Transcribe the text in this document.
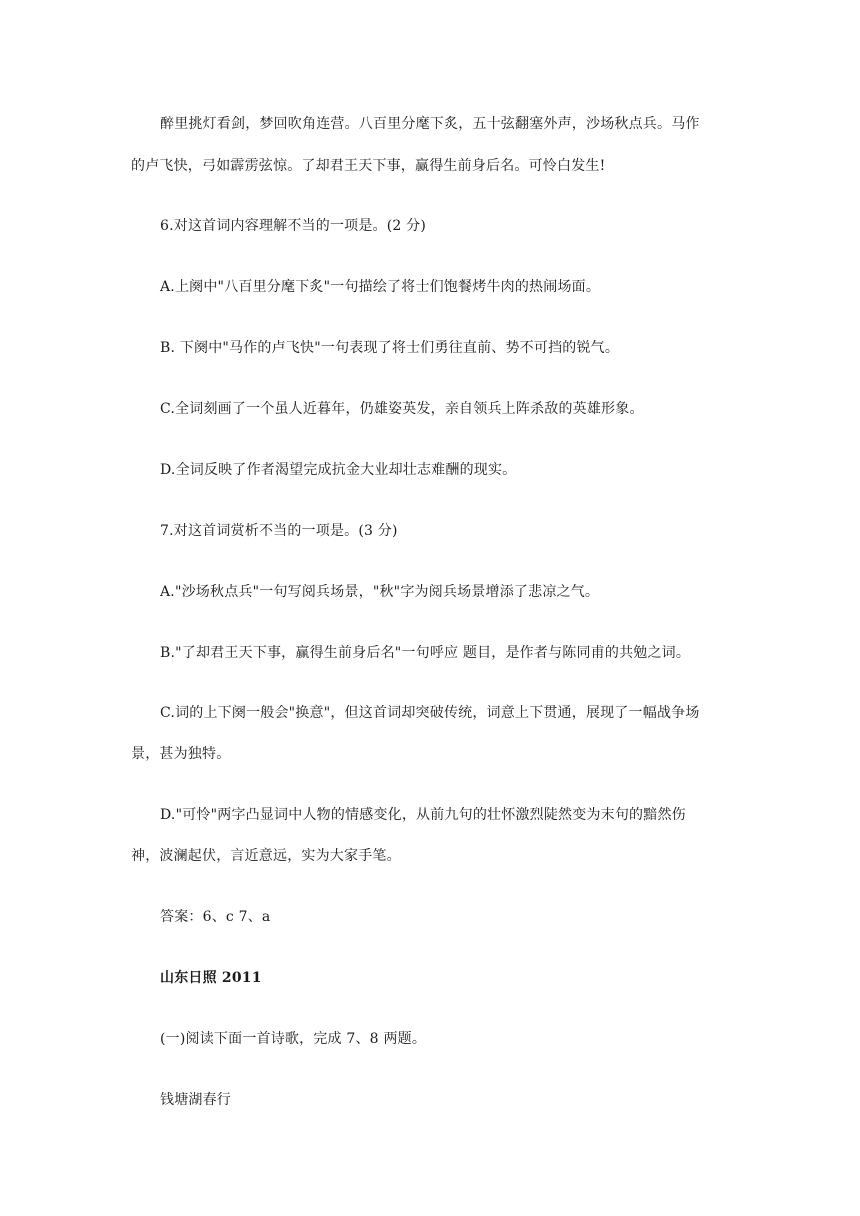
醉里挑灯看剑，梦回吹角连营。八百里分麾下炙，五十弦翻塞外声，沙场秋点兵。马作
的卢飞快，弓如霹雳弦惊。了却君王天下事，赢得生前身后名。可怜白发生!
6.对这首词内容理解不当的一项是。(2 分)
A.上阕中"八百里分麾下炙"一句描绘了将士们饱餐烤牛肉的热闹场面。
B. 下阕中"马作的卢飞快"一句表现了将士们勇往直前、势不可挡的锐气。
C.全词刻画了一个虽人近暮年，仍雄姿英发，亲自领兵上阵杀敌的英雄形象。
D.全词反映了作者渴望完成抗金大业却壮志难酬的现实。
7.对这首词赏析不当的一项是。(3 分)
A."沙场秋点兵"一句写阅兵场景，"秋"字为阅兵场景增添了悲凉之气。
B."了却君王天下事，赢得生前身后名"一句呼应 题目，是作者与陈同甫的共勉之词。
C.词的上下阕一般会"换意"，但这首词却突破传统，词意上下贯通，展现了一幅战争场
景，甚为独特。
D."可怜"两字凸显词中人物的情感变化，从前九句的壮怀激烈陡然变为末句的黯然伤
神，波澜起伏，言近意远，实为大家手笔。
答案：6、c 7、a
山东日照 2011
(一)阅读下面一首诗歌，完成 7、8 两题。
钱塘湖春行
